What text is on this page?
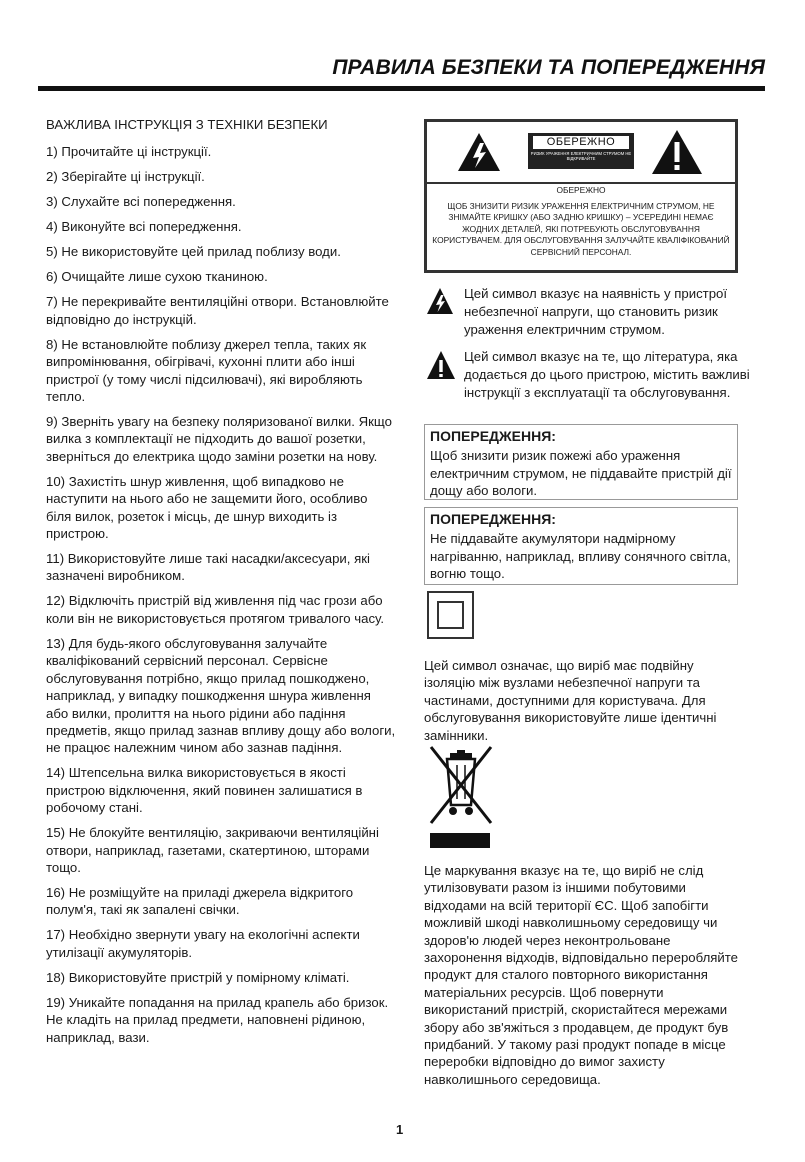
ПРАВИЛА БЕЗПЕКИ ТА ПОПЕРЕДЖЕННЯ
ВАЖЛИВА ІНСТРУКЦІЯ З ТЕХНІКИ БЕЗПЕКИ
1) Прочитайте ці інструкції.
2) Зберігайте ці інструкції.
3) Слухайте всі попередження.
4) Виконуйте всі попередження.
5) Не використовуйте цей прилад поблизу води.
6) Очищайте лише сухою тканиною.
7) Не перекривайте вентиляційні отвори. Встановлюйте відповідно до інструкцій.
8) Не встановлюйте поблизу джерел тепла, таких як випромінювання, обігрівачі, кухонні плити або інші пристрої (у тому числі підсилювачі), які виробляють тепло.
9) Зверніть увагу на безпеку поляризованої вилки. Якщо вилка з комплектації не підходить до вашої розетки, зверніться до електрика щодо заміни розетки на нову.
10) Захистіть шнур живлення, щоб випадково не наступити на нього або не защемити його, особливо біля вилок, розеток і місць, де шнур виходить із пристрою.
11) Використовуйте лише такі насадки/аксесуари, які зазначені виробником.
12) Відключіть пристрій від живлення під час грози або коли він не використовується протягом тривалого часу.
13) Для будь-якого обслуговування залучайте кваліфікований сервісний персонал. Сервісне обслуговування потрібно, якщо прилад пошкоджено, наприклад, у випадку пошкодження шнура живлення або вилки, пролиття на нього рідини або падіння предметів, якщо прилад зазнав впливу дощу або вологи, не працює належним чином або зазнав падіння.
14) Штепсельна вилка використовується в якості пристрою відключення, який повинен залишатися в робочому стані.
15) Не блокуйте вентиляцію, закриваючи вентиляційні отвори, наприклад, газетами, скатертиною, шторами тощо.
16) Не розміщуйте на приладі джерела відкритого полум'я, такі як запалені свічки.
17) Необхідно звернути увагу на екологічні аспекти утилізації акумуляторів.
18) Використовуйте пристрій у помірному кліматі.
19) Уникайте попадання на прилад крапель або бризок. Не кладіть на прилад предмети, наповнені рідиною, наприклад, вази.
ОБЕРЕЖНО
РИЗИК УРАЖЕННЯ ЕЛЕКТРИЧНИМ СТРУМОМ НЕ ВІДКРИВАЙТЕ
ОБЕРЕЖНО
ЩОБ ЗНИЗИТИ РИЗИК УРАЖЕННЯ ЕЛЕКТРИЧНИМ СТРУМОМ, НЕ ЗНІМАЙТЕ КРИШКУ (АБО ЗАДНЮ КРИШКУ) – УСЕРЕДИНІ НЕМАЄ ЖОДНИХ ДЕТАЛЕЙ, ЯКІ ПОТРЕБУЮТЬ ОБСЛУГОВУВАННЯ КОРИСТУВАЧЕМ. ДЛЯ ОБСЛУГОВУВАННЯ ЗАЛУЧАЙТЕ КВАЛІФІКОВАНИЙ СЕРВІСНИЙ ПЕРСОНАЛ.
Цей символ вказує на наявність у пристрої небезпечної напруги, що становить ризик ураження електричним струмом.
Цей символ вказує на те, що література, яка додається до цього пристрою, містить важливі інструкції з експлуатації та обслуговування.
ПОПЕРЕДЖЕННЯ:
Щоб знизити ризик пожежі або ураження електричним струмом, не піддавайте пристрій дії дощу або вологи.
ПОПЕРЕДЖЕННЯ:
Не піддавайте акумулятори надмірному нагріванню, наприклад, впливу сонячного світла, вогню тощо.
Цей символ означає, що виріб має подвійну ізоляцію між вузлами небезпечної напруги та частинами, доступними для користувача. Для обслуговування використовуйте лише ідентичні замінники.
Це маркування вказує на те, що виріб не слід утилізовувати разом із іншими побутовими відходами на всій території ЄС. Щоб запобігти можливій шкоді навколишньому середовищу чи здоров'ю людей через неконтрольоване захоронення відходів, відповідально переробляйте продукт для сталого повторного використання матеріальних ресурсів. Щоб повернути використаний пристрій, скористайтеся мережами збору або зв'яжіться з продавцем, де продукт був придбаний. У такому разі продукт попаде в місце переробки відповідно до вимог захисту навколишнього середовища.
1
